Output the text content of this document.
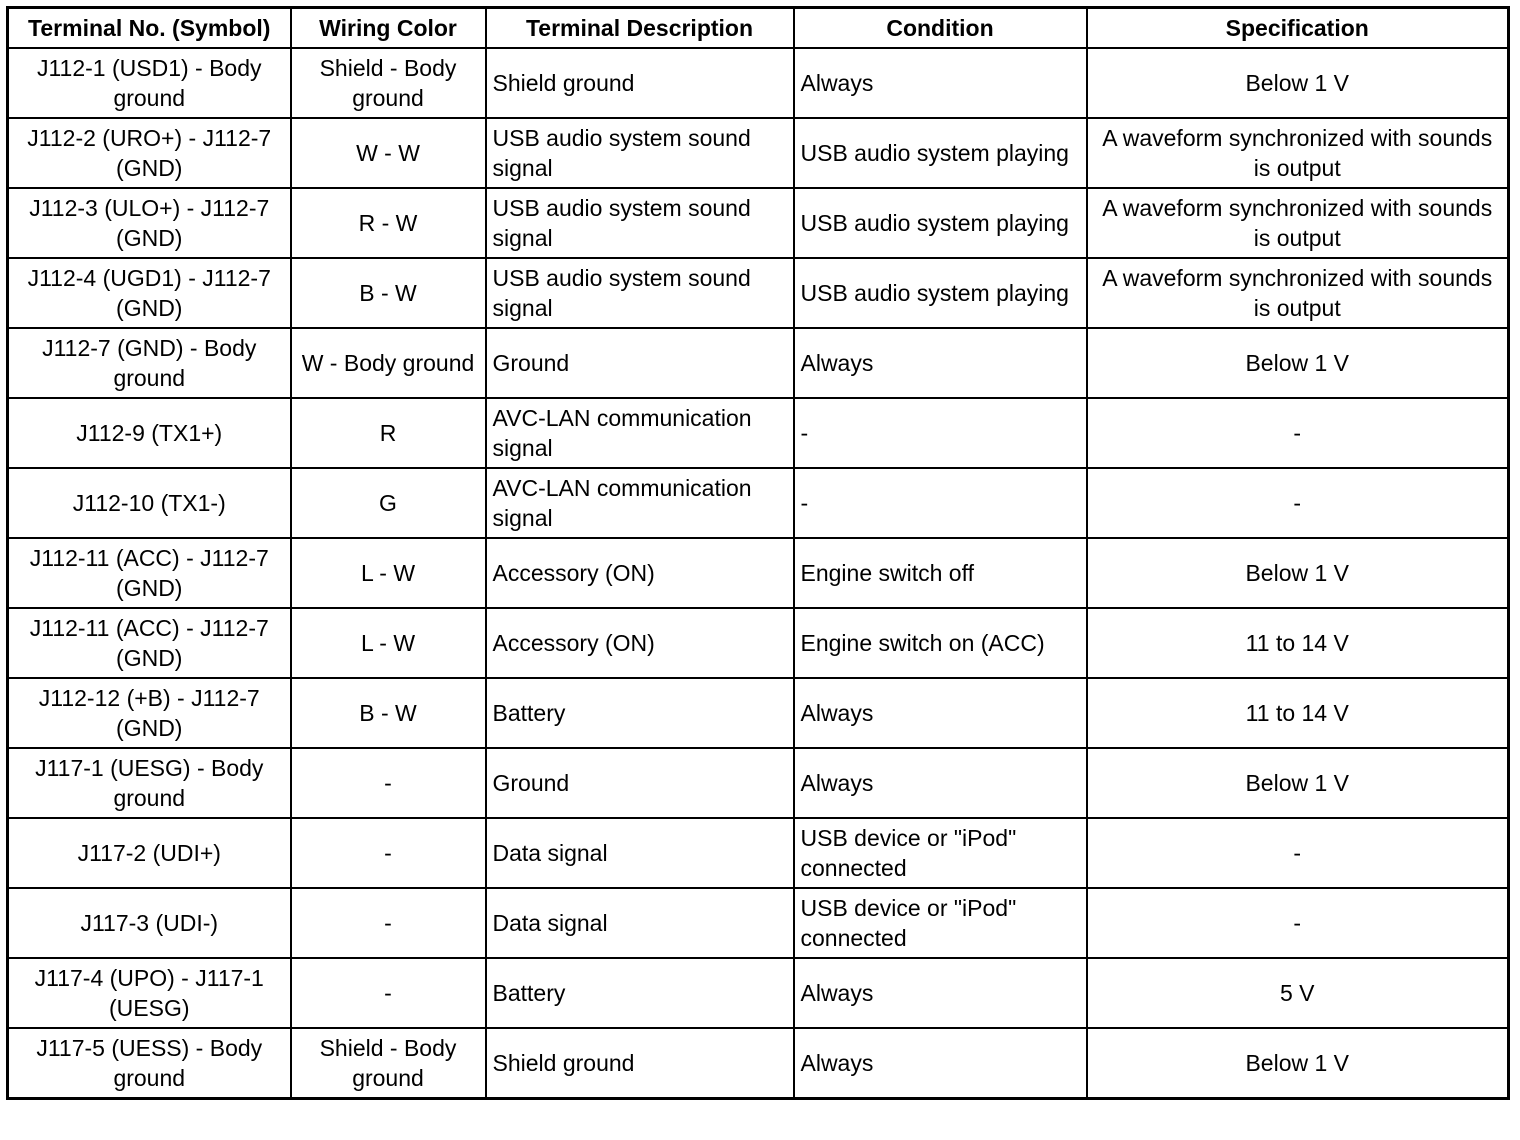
Terminal No. (Symbol)	Wiring Color	Terminal Description	Condition	Specification
J112-1 (USD1) - Body ground	Shield - Body ground	Shield ground	Always	Below 1 V
J112-2 (URO+) - J112-7 (GND)	W - W	USB audio system sound signal	USB audio system playing	A waveform synchronized with sounds is output
J112-3 (ULO+) - J112-7 (GND)	R - W	USB audio system sound signal	USB audio system playing	A waveform synchronized with sounds is output
J112-4 (UGD1) - J112-7 (GND)	B - W	USB audio system sound signal	USB audio system playing	A waveform synchronized with sounds is output
J112-7 (GND) - Body ground	W - Body ground	Ground	Always	Below 1 V
J112-9 (TX1+)	R	AVC-LAN communication signal	-	-
J112-10 (TX1-)	G	AVC-LAN communication signal	-	-
J112-11 (ACC) - J112-7 (GND)	L - W	Accessory (ON)	Engine switch off	Below 1 V
J112-11 (ACC) - J112-7 (GND)	L - W	Accessory (ON)	Engine switch on (ACC)	11 to 14 V
J112-12 (+B) - J112-7 (GND)	B - W	Battery	Always	11 to 14 V
J117-1 (UESG) - Body ground	-	Ground	Always	Below 1 V
J117-2 (UDI+)	-	Data signal	USB device or "iPod" connected	-
J117-3 (UDI-)	-	Data signal	USB device or "iPod" connected	-
J117-4 (UPO) - J117-1 (UESG)	-	Battery	Always	5 V
J117-5 (UESS) - Body ground	Shield - Body ground	Shield ground	Always	Below 1 V
